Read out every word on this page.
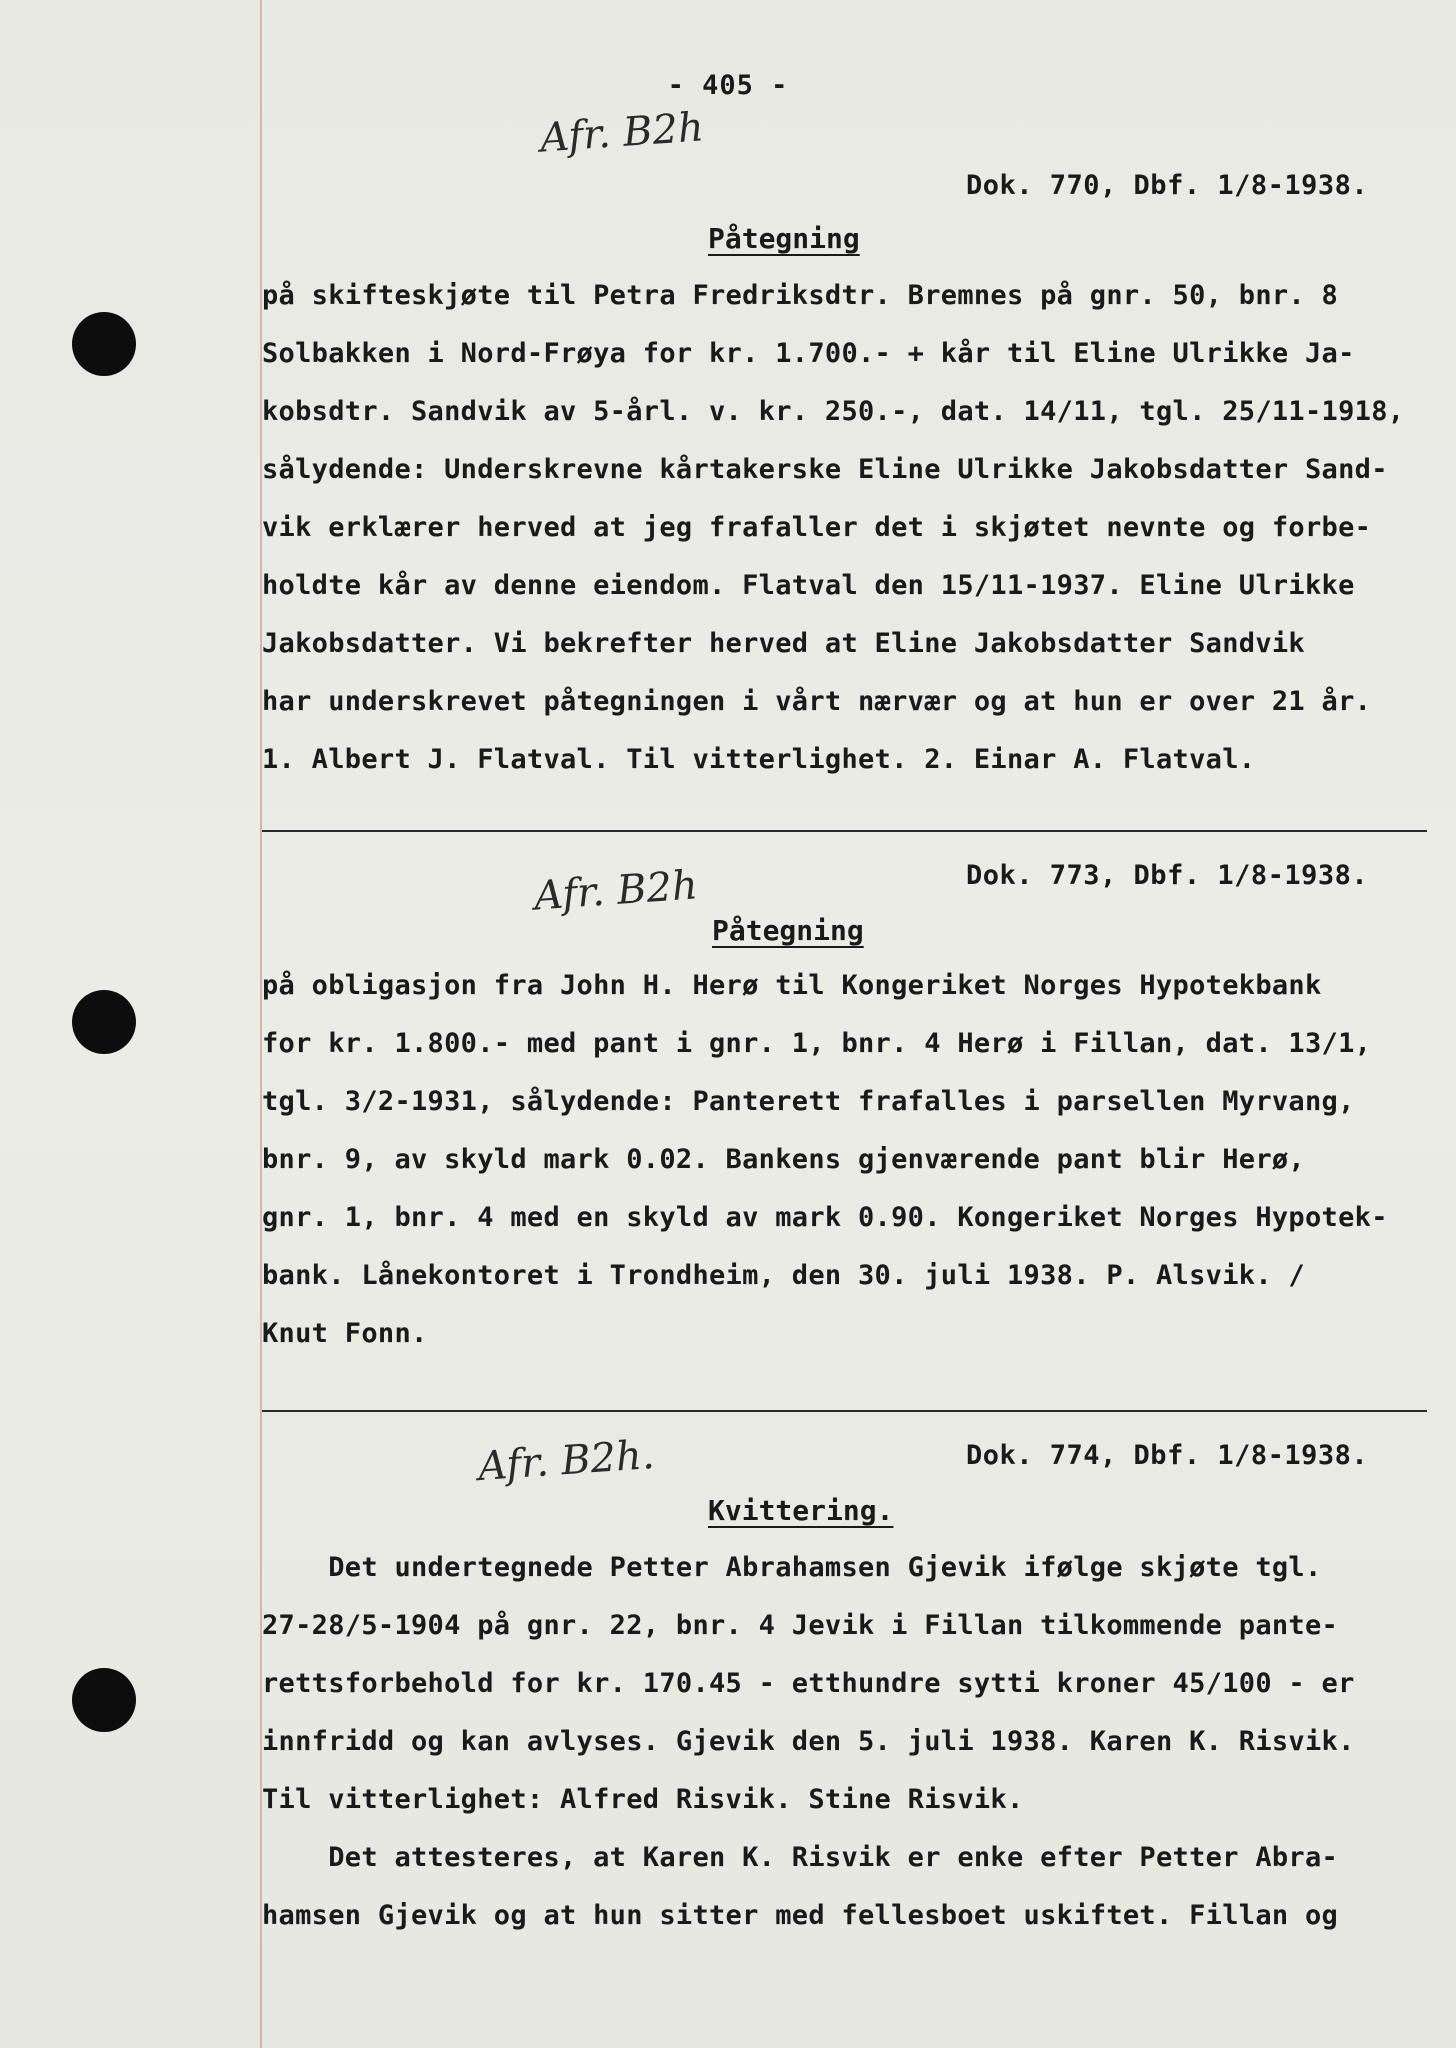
- 405 -
Afr. B2h
Dok. 770, Dbf. 1/8-1938.
Påtegning
på skifteskjøte til Petra Fredriksdtr. Bremnes på gnr. 50, bnr. 8
Solbakken i Nord-Frøya for kr. 1.700.- + kår til Eline Ulrikke Ja-
kobsdtr. Sandvik av 5-årl. v. kr. 250.-, dat. 14/11, tgl. 25/11-1918,
sålydende: Underskrevne kårtakerske Eline Ulrikke Jakobsdatter Sand-
vik erklærer herved at jeg frafaller det i skjøtet nevnte og forbe-
holdte kår av denne eiendom. Flatval den 15/11-1937. Eline Ulrikke
Jakobsdatter. Vi bekrefter herved at Eline Jakobsdatter Sandvik
har underskrevet påtegningen i vårt nærvær og at hun er over 21 år.
1. Albert J. Flatval. Til vitterlighet. 2. Einar A. Flatval.
Afr. B2h	Dok. 773, Dbf. 1/8-1938.
Påtegning
på obligasjon fra John H. Herø til Kongeriket Norges Hypotekbank
for kr. 1.800.- med pant i gnr. 1, bnr. 4 Herø i Fillan, dat. 13/1,
tgl. 3/2-1931, sålydende: Panterett frafalles i parsellen Myrvang,
bnr. 9, av skyld mark 0.02. Bankens gjenværende pant blir Herø,
gnr. 1, bnr. 4 med en skyld av mark 0.90. Kongeriket Norges Hypotek-
bank. Lånekontoret i Trondheim, den 30. juli 1938. P. Alsvik. /
Knut Fonn.
Afr. B2h.	Dok. 774, Dbf. 1/8-1938.
Kvittering.
Det undertegnede Petter Abrahamsen Gjevik ifølge skjøte tgl.
27-28/5-1904 på gnr. 22, bnr. 4 Jevik i Fillan tilkommende pante-
rettsforbehold for kr. 170.45 - etthundre sytti kroner 45/100 - er
innfridd og kan avlyses. Gjevik den 5. juli 1938. Karen K. Risvik.
Til vitterlighet: Alfred Risvik. Stine Risvik.
Det attesteres, at Karen K. Risvik er enke efter Petter Abra-
hamsen Gjevik og at hun sitter med fellesboet uskiftet. Fillan og
